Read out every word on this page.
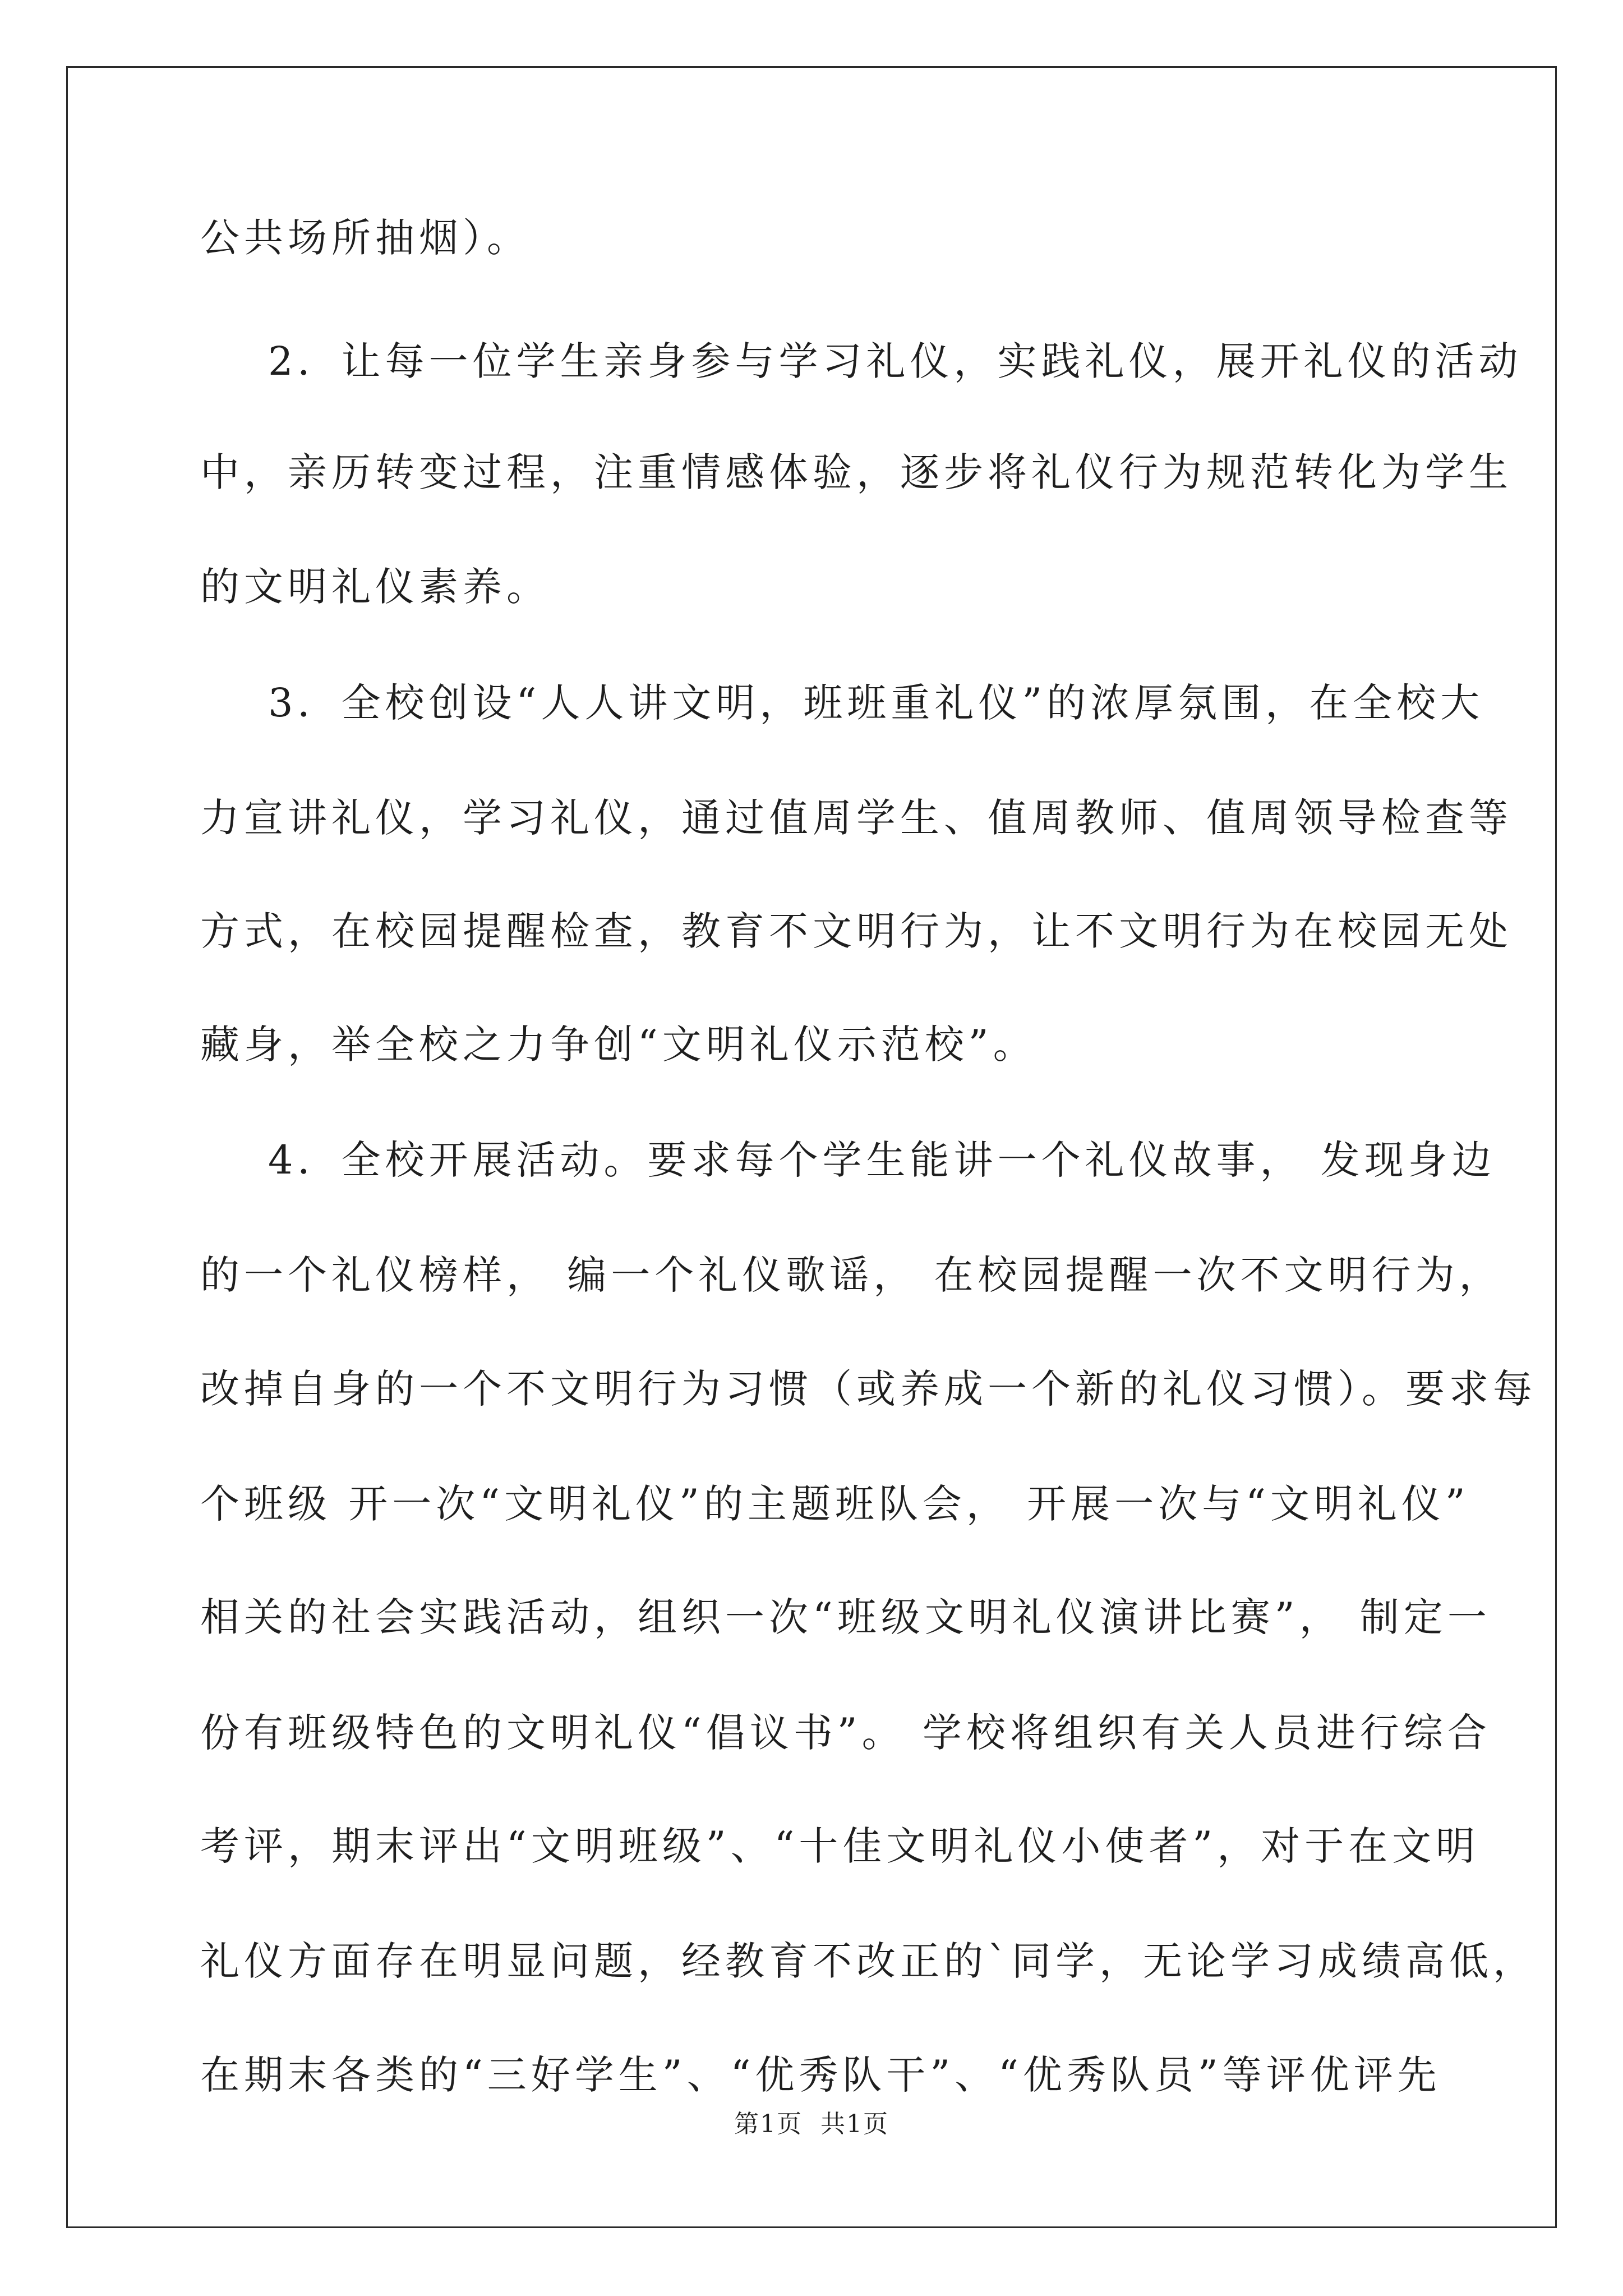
公共场所抽烟）。

2．让每一位学生亲身参与学习礼仪，实践礼仪，展开礼仪的活动

中，亲历转变过程，注重情感体验，逐步将礼仪行为规范转化为学生

的文明礼仪素养。

3．全校创设“人人讲文明，班班重礼仪”的浓厚氛围，在全校大

力宣讲礼仪，学习礼仪，通过值周学生、值周教师、值周领导检查等

方式，在校园提醒检查，教育不文明行为，让不文明行为在校园无处

藏身，举全校之力争创“文明礼仪示范校”。

4．全校开展活动。要求每个学生能讲一个礼仪故事， 发现身边

的一个礼仪榜样， 编一个礼仪歌谣， 在校园提醒一次不文明行为，

改掉自身的一个不文明行为习惯（或养成一个新的礼仪习惯）。要求每

个班级 开一次“文明礼仪”的主题班队会， 开展一次与“文明礼仪”

相关的社会实践活动，组织一次“班级文明礼仪演讲比赛”， 制定一

份有班级特色的文明礼仪“倡议书”。 学校将组织有关人员进行综合

考评，期末评出“文明班级”、“十佳文明礼仪小使者”，对于在文明

礼仪方面存在明显问题，经教育不改正的`同学，无论学习成绩高低，

在期末各类的“三好学生”、“优秀队干”、“优秀队员”等评优评先

第1页  共1页
